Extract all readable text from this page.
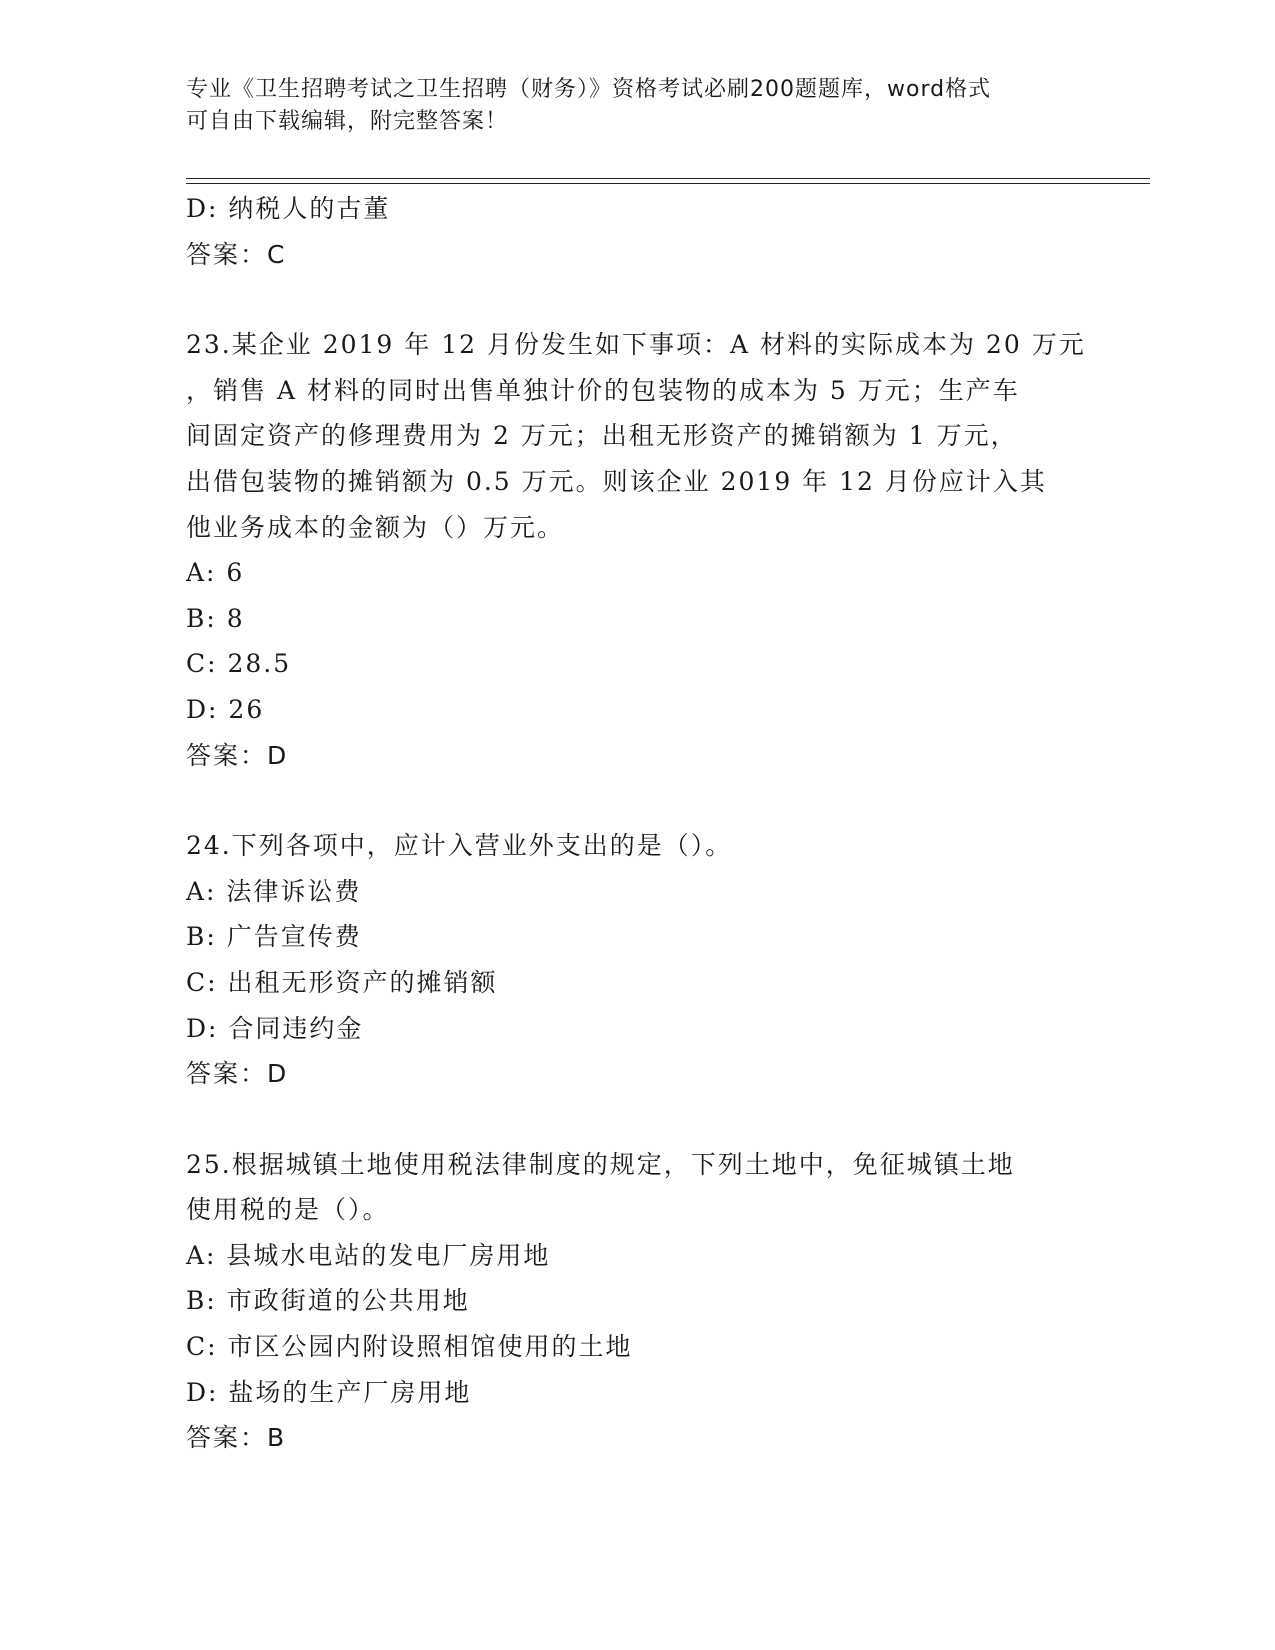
专业《卫生招聘考试之卫生招聘（财务）》资格考试必刷200题题库，word格式
可自由下载编辑，附完整答案！
D: 纳税人的古董
答案：C
23.某企业 2019 年 12 月份发生如下事项：A 材料的实际成本为 20 万元
，销售 A 材料的同时出售单独计价的包装物的成本为 5 万元；生产车
间固定资产的修理费用为 2 万元；出租无形资产的摊销额为 1 万元，
出借包装物的摊销额为 0.5 万元。则该企业 2019 年 12 月份应计入其
他业务成本的金额为（）万元。
A: 6
B: 8
C: 28.5
D: 26
答案：D
24.下列各项中，应计入营业外支出的是（）。
A: 法律诉讼费
B: 广告宣传费
C: 出租无形资产的摊销额
D: 合同违约金
答案：D
25.根据城镇土地使用税法律制度的规定，下列土地中，免征城镇土地
使用税的是（）。
A: 县城水电站的发电厂房用地
B: 市政街道的公共用地
C: 市区公园内附设照相馆使用的土地
D: 盐场的生产厂房用地
答案：B
